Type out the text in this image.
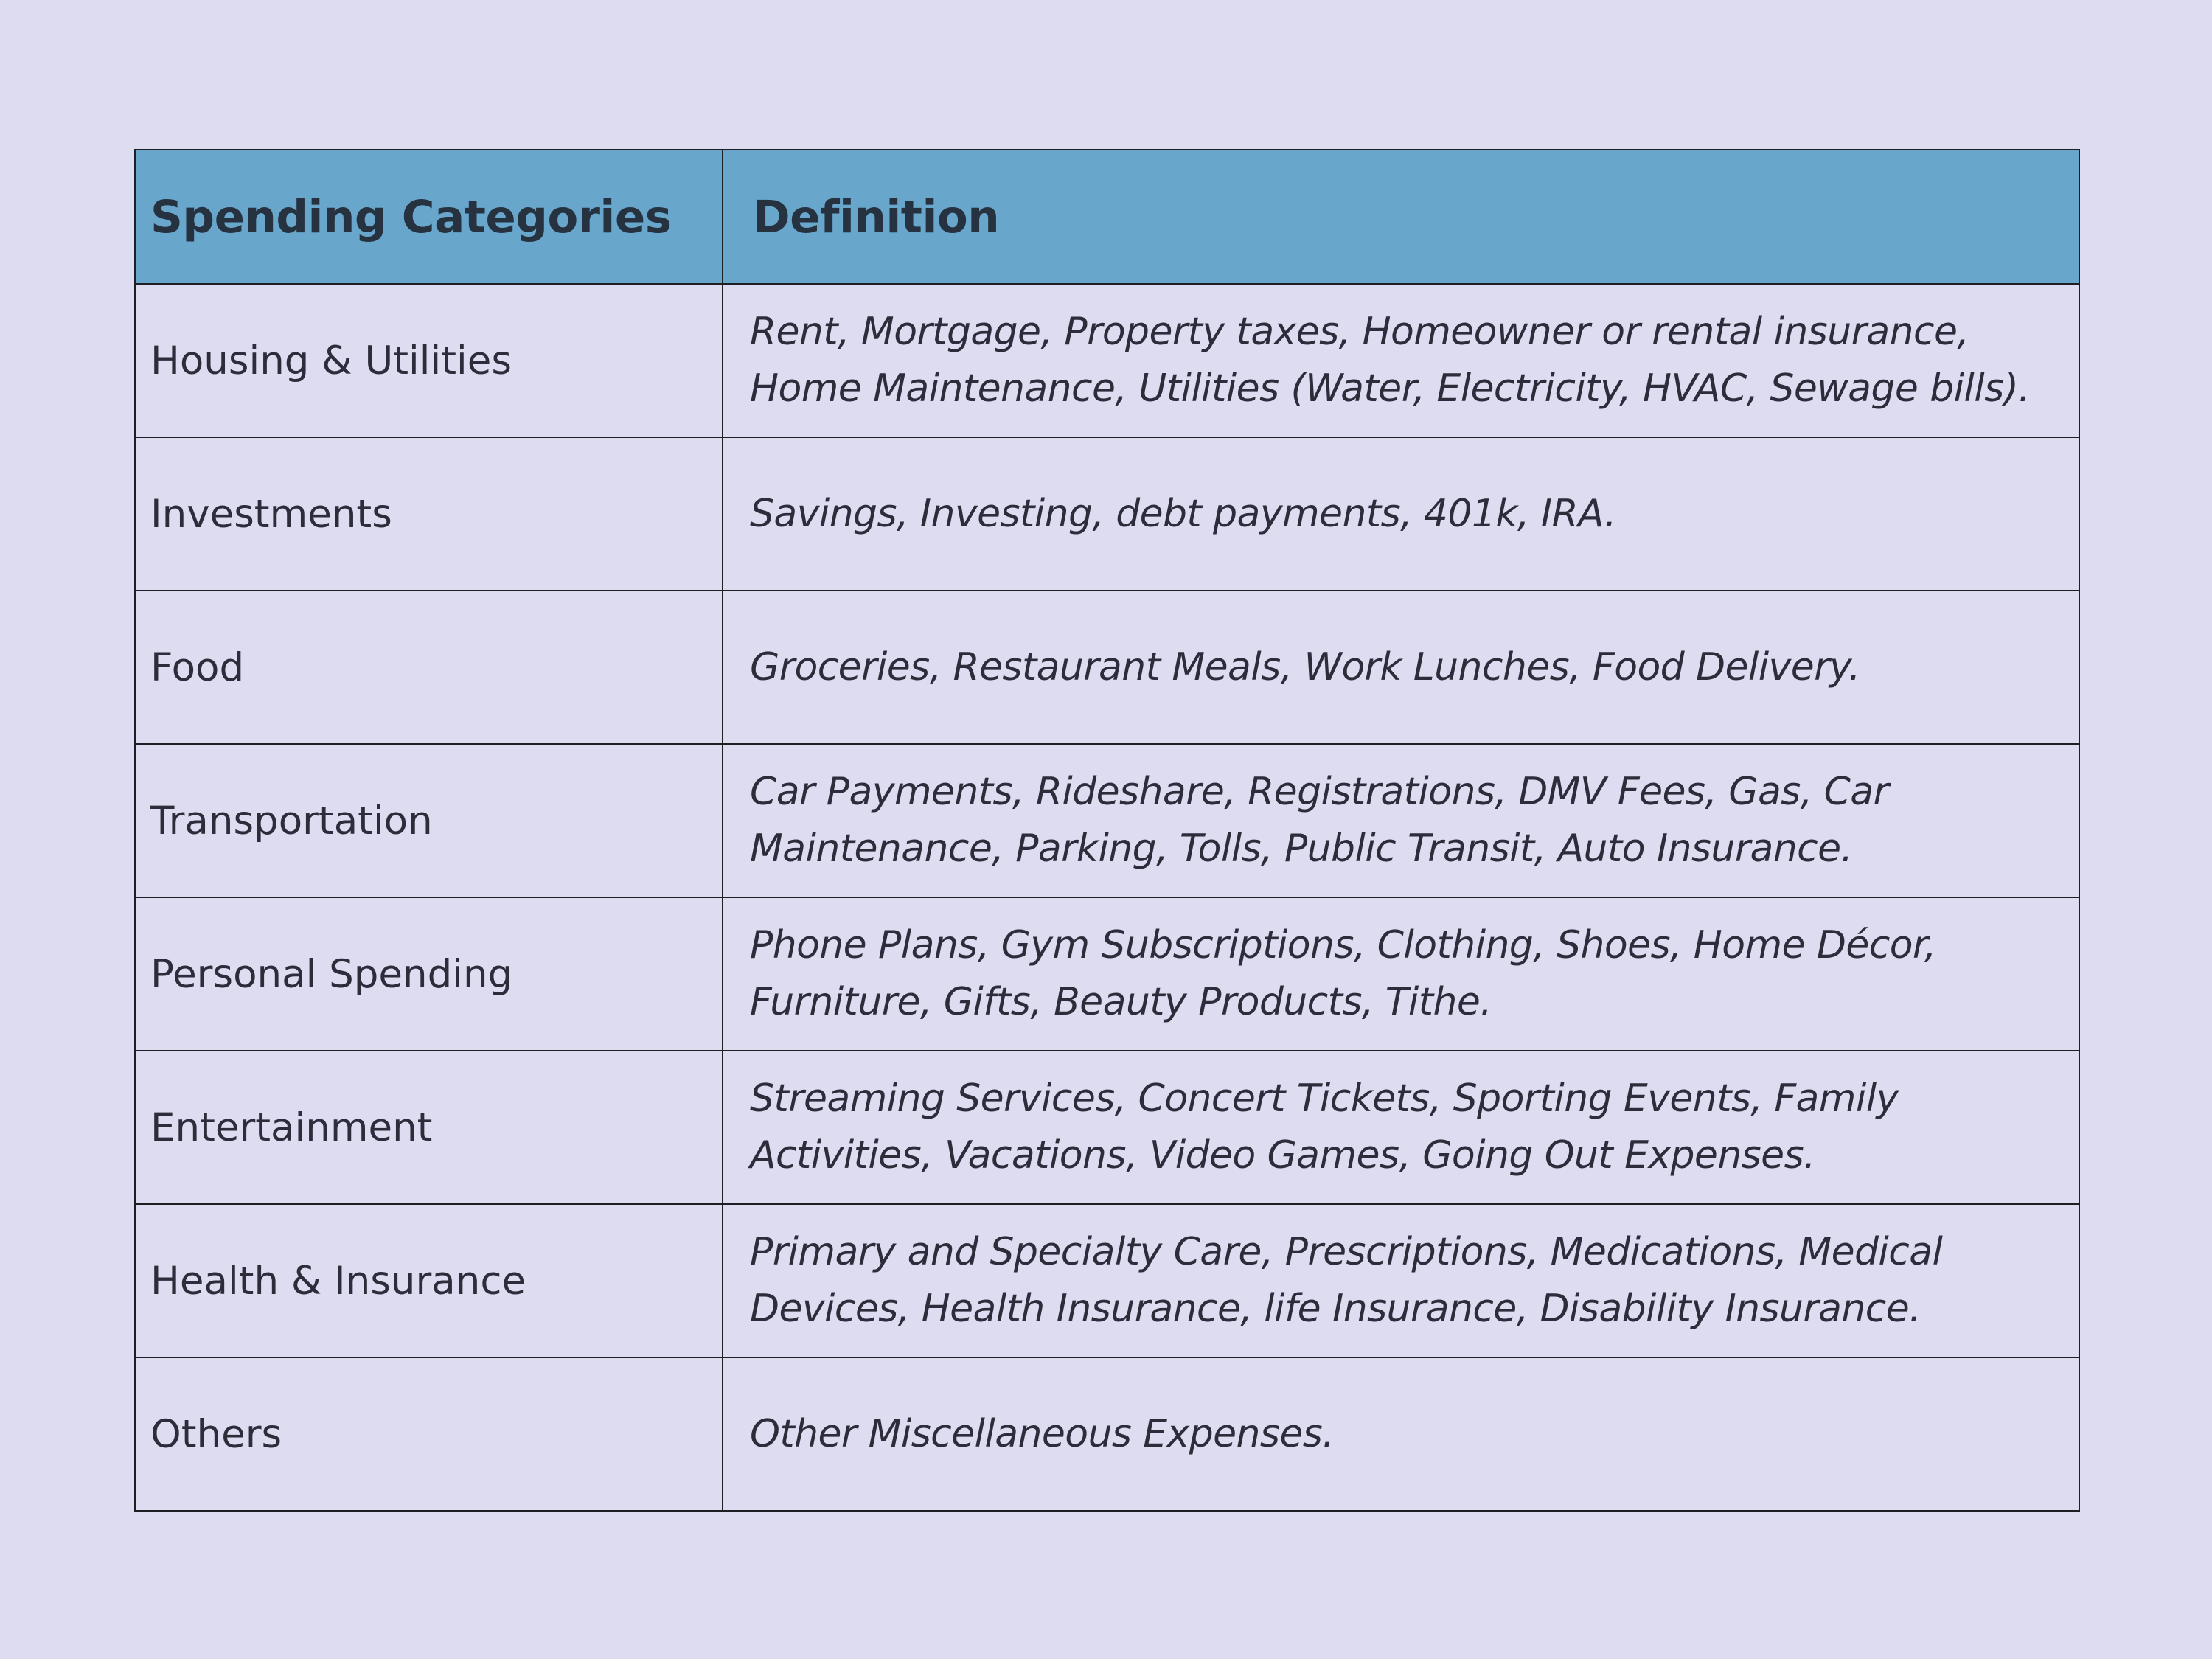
Spending Categories	Definition
Housing & Utilities	Rent, Mortgage, Property taxes, Homeowner or rental insurance, Home Maintenance, Utilities (Water, Electricity, HVAC, Sewage bills).
Investments	Savings, Investing, debt payments, 401k, IRA.
Food	Groceries, Restaurant Meals, Work Lunches, Food Delivery.
Transportation	Car Payments, Rideshare, Registrations, DMV Fees, Gas, Car Maintenance, Parking, Tolls, Public Transit, Auto Insurance.
Personal Spending	Phone Plans, Gym Subscriptions, Clothing, Shoes, Home Décor, Furniture, Gifts, Beauty Products, Tithe.
Entertainment	Streaming Services, Concert Tickets, Sporting Events, Family Activities, Vacations, Video Games, Going Out Expenses.
Health & Insurance	Primary and Specialty Care, Prescriptions, Medications, Medical Devices, Health Insurance, life Insurance, Disability Insurance.
Others	Other Miscellaneous Expenses.
